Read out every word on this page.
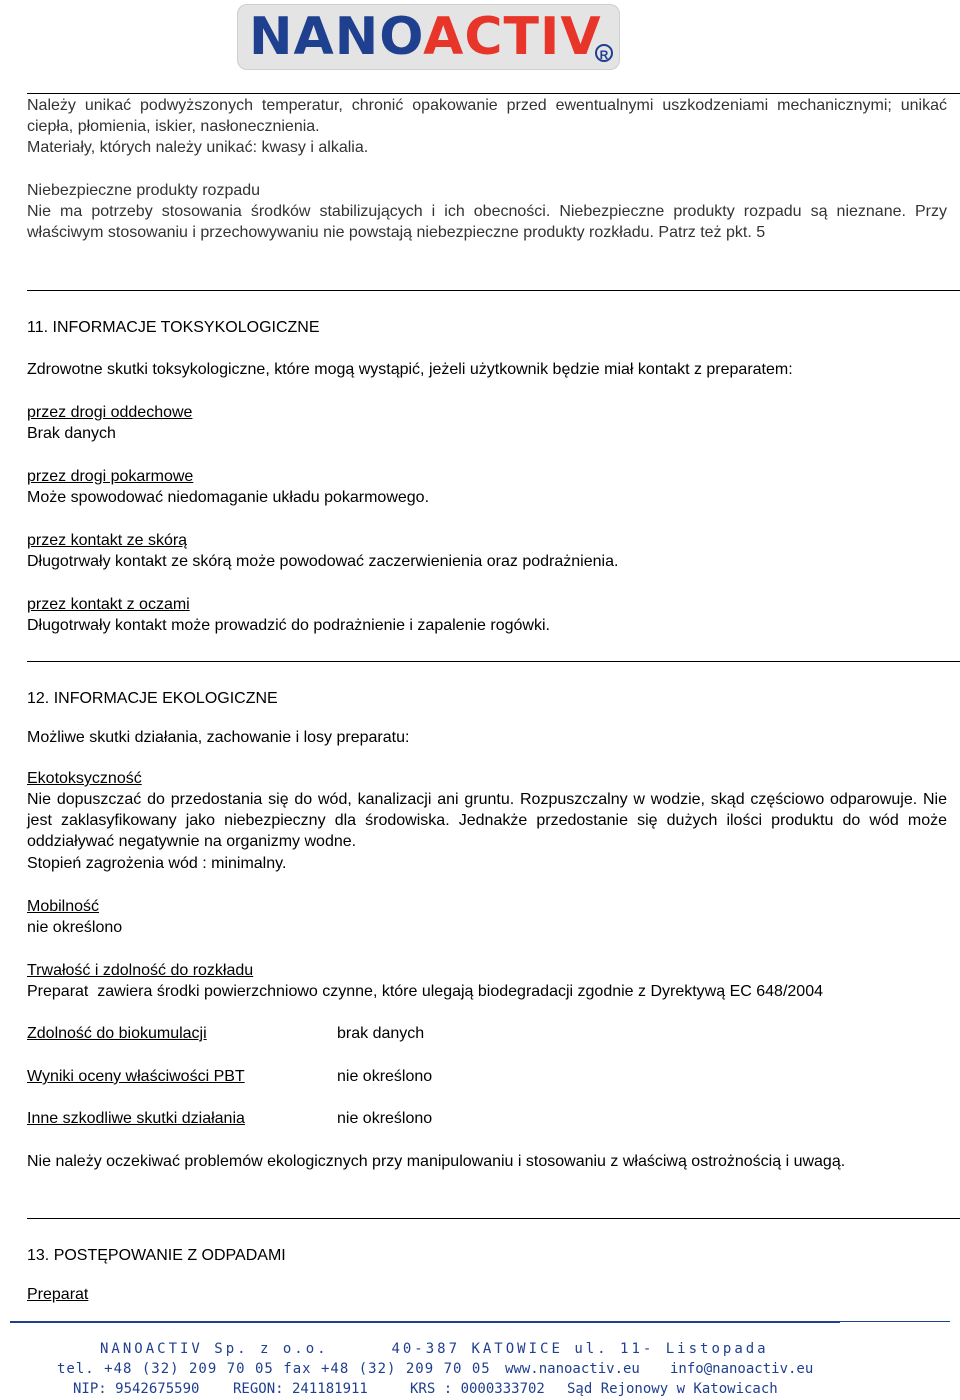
NANOACTIV
R
Należy unikać podwyższonych temperatur, chronić opakowanie przed ewentualnymi uszkodzeniami mechanicznymi; unikać ciepła, płomienia, iskier, nasłonecznienia.
Materiały, których należy unikać: kwasy i alkalia.
Niebezpieczne produkty rozpadu
Nie ma potrzeby stosowania środków stabilizujących i ich obecności. Niebezpieczne produkty rozpadu są nieznane. Przy właściwym stosowaniu i przechowywaniu nie powstają niebezpieczne produkty rozkładu. Patrz też pkt. 5
11. INFORMACJE TOKSYKOLOGICZNE
Zdrowotne skutki toksykologiczne, które mogą wystąpić, jeżeli użytkownik będzie miał kontakt z preparatem:
przez drogi oddechowe
Brak danych
przez drogi pokarmowe
Może spowodować niedomaganie układu pokarmowego.
przez kontakt ze skórą
Długotrwały kontakt ze skórą może powodować zaczerwienienia oraz podrażnienia.
przez kontakt z oczami
Długotrwały kontakt może prowadzić do podrażnienie i zapalenie rogówki.
12. INFORMACJE EKOLOGICZNE
Możliwe skutki działania, zachowanie i losy preparatu:
Ekotoksyczność
Nie dopuszczać do przedostania się do wód, kanalizacji ani gruntu. Rozpuszczalny w wodzie, skąd częściowo odparowuje. Nie jest zaklasyfikowany jako niebezpieczny dla środowiska. Jednakże przedostanie się dużych ilości produktu do wód może oddziaływać negatywnie na organizmy wodne.
Stopień zagrożenia wód : minimalny.
Mobilność
nie określono
Trwałość i zdolność do rozkładu
Preparat  zawiera środki powierzchniowo czynne, które ulegają biodegradacji zgodnie z Dyrektywą EC 648/2004
Zdolność do biokumulacji	brak danych
Wyniki oceny właściwości PBT	nie określono
Inne szkodliwe skutki działania	nie określono
Nie należy oczekiwać problemów ekologicznych przy manipulowaniu i stosowaniu z właściwą ostrożnością i uwagą.
13. POSTĘPOWANIE Z ODPADAMI
Preparat
NANOACTIV Sp. z o.o.	40-387 KATOWICE ul. 11- Listopada
tel. +48 (32) 209 70 05 fax +48 (32) 209 70 05 www.nanoactiv.eu info@nanoactiv.eu
NIP: 9542675590 REGON: 241181911	KRS : 0000333702 Sąd Rejonowy w Katowicach
